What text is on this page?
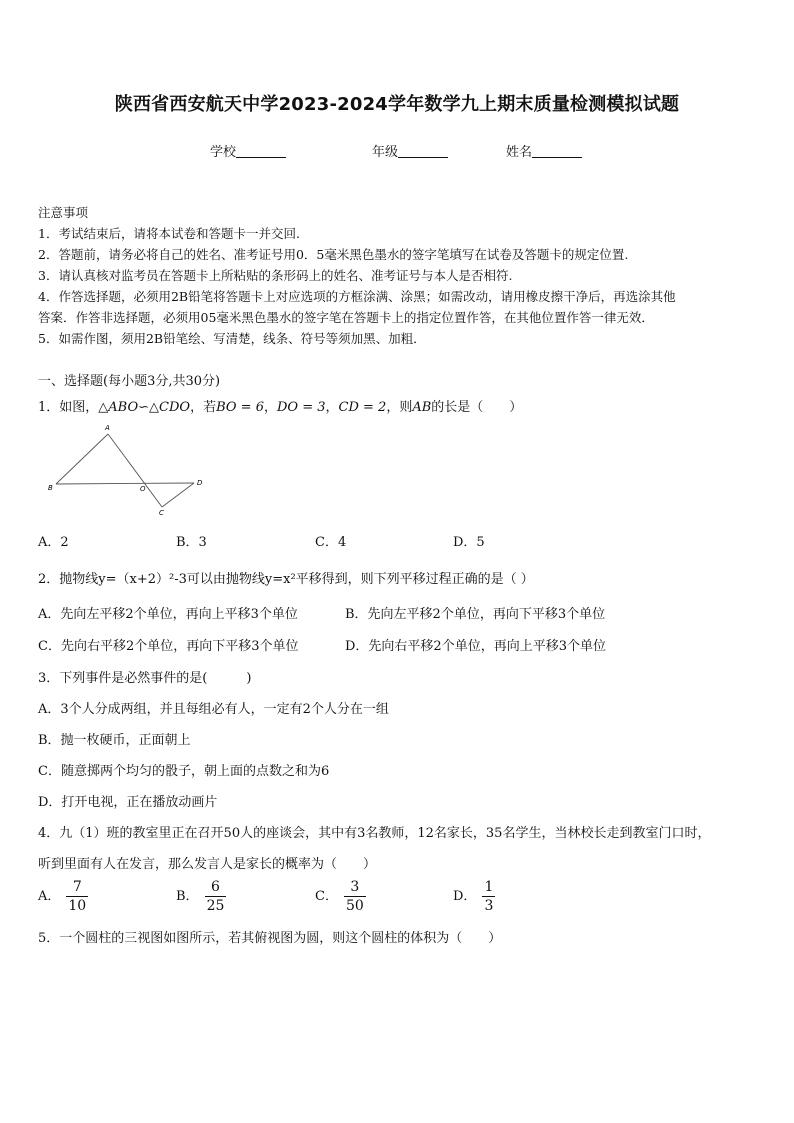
陕西省西安航天中学2023-2024学年数学九上期末质量检测模拟试题
学校	年级	姓名
注意事项
1．考试结束后，请将本试卷和答题卡一并交回.
2．答题前，请务必将自己的姓名、准考证号用0．5毫米黑色墨水的签字笔填写在试卷及答题卡的规定位置.
3．请认真核对监考员在答题卡上所粘贴的条形码上的姓名、准考证号与本人是否相符.
4．作答选择题，必须用2B铅笔将答题卡上对应选项的方框涂满、涂黑；如需改动，请用橡皮擦干净后，再选涂其他
答案．作答非选择题，必须用05毫米黑色墨水的签字笔在答题卡上的指定位置作答，在其他位置作答一律无效．
5．如需作图，须用2B铅笔绘、写清楚，线条、符号等须加黑、加粗．
一、选择题(每小题3分,共30分)
1．如图，△ABO∽△CDO，若BO = 6，DO = 3，CD = 2，则AB的长是（　　）
A
B	O
D
C
A．2	B．3	C．4	D．5
2．抛物线y=（x+2）²-3可以由抛物线y=x²平移得到，则下列平移过程正确的是（ ）
A．先向左平移2个单位，再向上平移3个单位	B．先向左平移2个单位，再向下平移3个单位
C．先向右平移2个单位，再向下平移3个单位	D．先向右平移2个单位，再向上平移3个单位
3．下列事件是必然事件的是(　　　)
A．3个人分成两组，并且每组必有人，一定有2个人分在一组
B．抛一枚硬币，正面朝上
C．随意掷两个均匀的骰子，朝上面的点数之和为6
D．打开电视，正在播放动画片
4．九（1）班的教室里正在召开50人的座谈会，其中有3名教师，12名家长，35名学生，当林校长走到教室门口时，
听到里面有人在发言，那么发言人是家长的概率为（　　）
A． $\frac{7}{10}$	B． $\frac{6}{25}$	C． $\frac{3}{50}$	D． $\frac{1}{3}$
5．一个圆柱的三视图如图所示，若其俯视图为圆，则这个圆柱的体积为（　　）
